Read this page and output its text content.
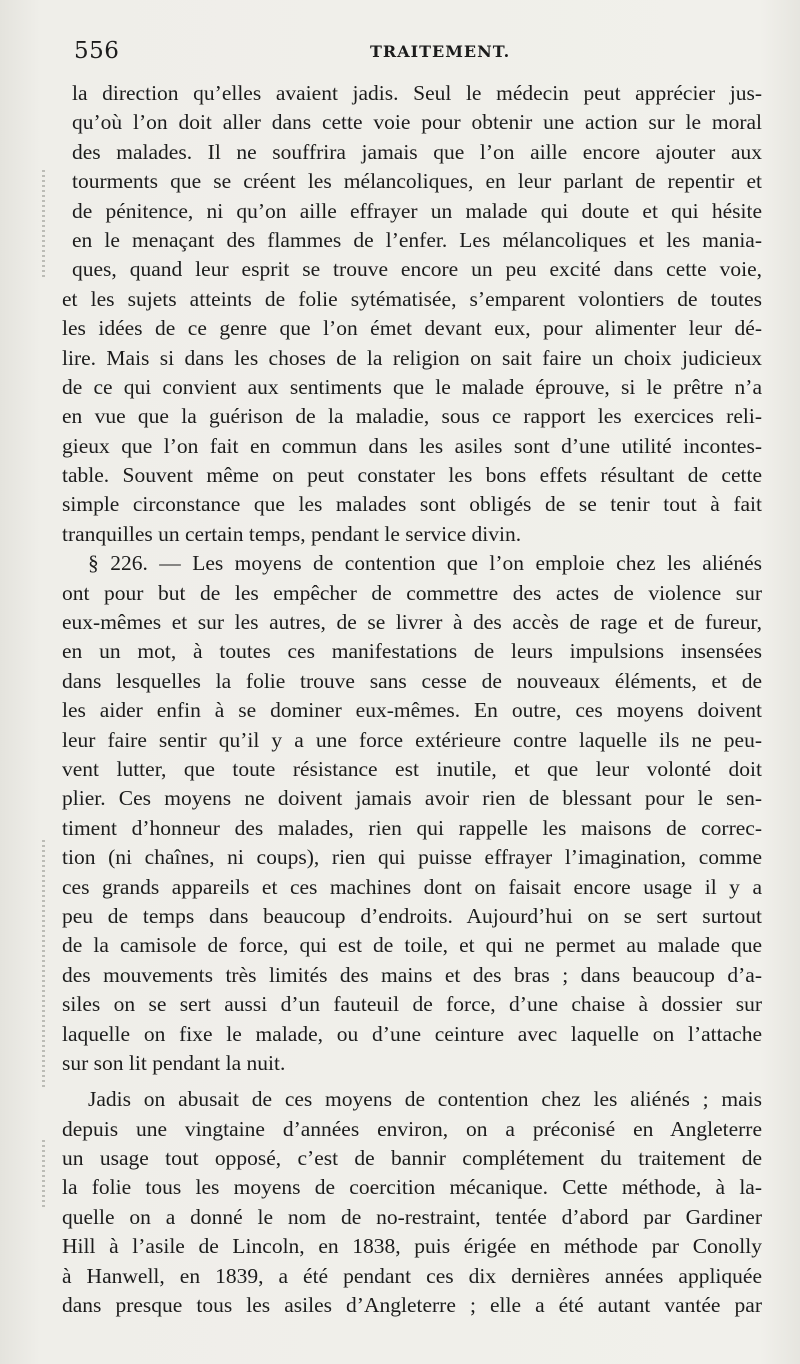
556	TRAITEMENT.
la direction qu’elles avaient jadis. Seul le médecin peut apprécier jus-
qu’où l’on doit aller dans cette voie pour obtenir une action sur le moral
des malades. Il ne souffrira jamais que l’on aille encore ajouter aux
tourments que se créent les mélancoliques, en leur parlant de repentir et
de pénitence, ni qu’on aille effrayer un malade qui doute et qui hésite
en le menaçant des flammes de l’enfer. Les mélancoliques et les mania-
ques, quand leur esprit se trouve encore un peu excité dans cette voie,
et les sujets atteints de folie sytématisée, s’emparent volontiers de toutes
les idées de ce genre que l’on émet devant eux, pour alimenter leur dé-
lire. Mais si dans les choses de la religion on sait faire un choix judicieux
de ce qui convient aux sentiments que le malade éprouve, si le prêtre n’a
en vue que la guérison de la maladie, sous ce rapport les exercices reli-
gieux que l’on fait en commun dans les asiles sont d’une utilité incontes-
table. Souvent même on peut constater les bons effets résultant de cette
simple circonstance que les malades sont obligés de se tenir tout à fait
tranquilles un certain temps, pendant le service divin.
§ 226. — Les moyens de contention que l’on emploie chez les aliénés
ont pour but de les empêcher de commettre des actes de violence sur
eux-mêmes et sur les autres, de se livrer à des accès de rage et de fureur,
en un mot, à toutes ces manifestations de leurs impulsions insensées
dans lesquelles la folie trouve sans cesse de nouveaux éléments, et de
les aider enfin à se dominer eux-mêmes. En outre, ces moyens doivent
leur faire sentir qu’il y a une force extérieure contre laquelle ils ne peu-
vent lutter, que toute résistance est inutile, et que leur volonté doit
plier. Ces moyens ne doivent jamais avoir rien de blessant pour le sen-
timent d’honneur des malades, rien qui rappelle les maisons de correc-
tion (ni chaînes, ni coups), rien qui puisse effrayer l’imagination, comme
ces grands appareils et ces machines dont on faisait encore usage il y a
peu de temps dans beaucoup d’endroits. Aujourd’hui on se sert surtout
de la camisole de force, qui est de toile, et qui ne permet au malade que
des mouvements très limités des mains et des bras ; dans beaucoup d’a-
siles on se sert aussi d’un fauteuil de force, d’une chaise à dossier sur
laquelle on fixe le malade, ou d’une ceinture avec laquelle on l’attache
sur son lit pendant la nuit.
Jadis on abusait de ces moyens de contention chez les aliénés ; mais
depuis une vingtaine d’années environ, on a préconisé en Angleterre
un usage tout opposé, c’est de bannir complétement du traitement de
la folie tous les moyens de coercition mécanique. Cette méthode, à la-
quelle on a donné le nom de no-restraint, tentée d’abord par Gardiner
Hill à l’asile de Lincoln, en 1838, puis érigée en méthode par Conolly
à Hanwell, en 1839, a été pendant ces dix dernières années appliquée
dans presque tous les asiles d’Angleterre ; elle a été autant vantée par
